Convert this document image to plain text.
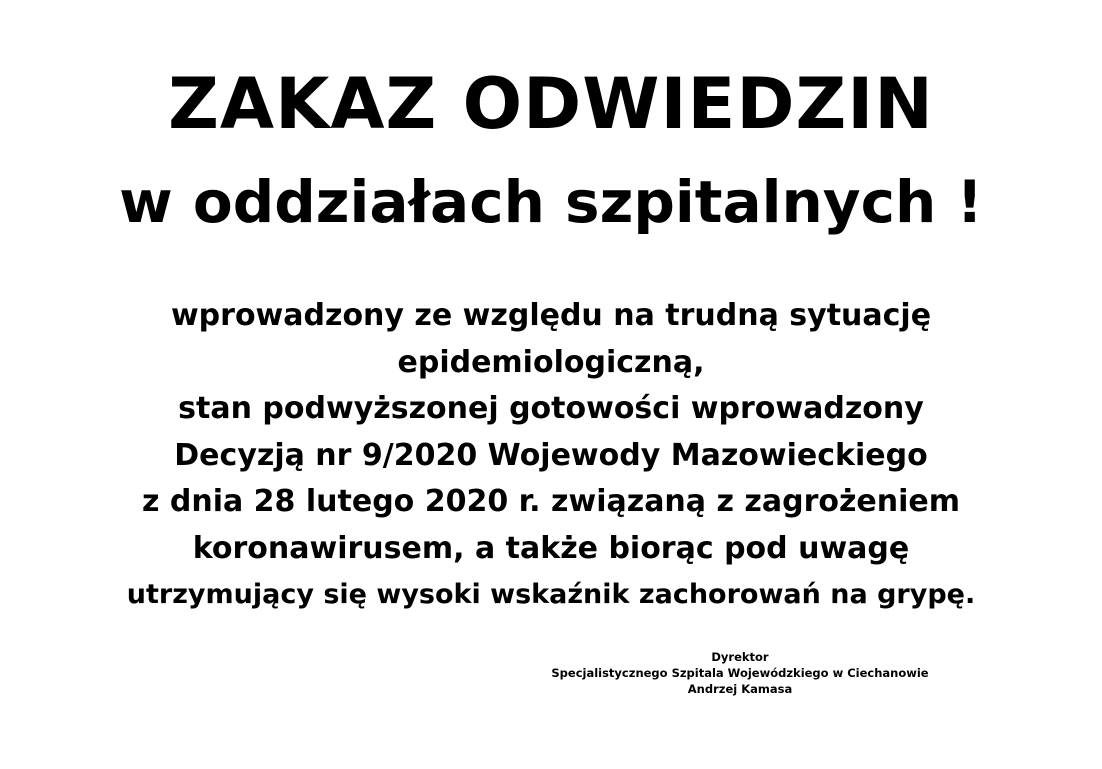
ZAKAZ ODWIEDZIN
w oddziałach szpitalnych !
wprowadzony ze względu na trudną sytuację
epidemiologiczną,
stan podwyższonej gotowości wprowadzony
Decyzją nr 9/2020 Wojewody Mazowieckiego
z dnia 28 lutego 2020 r. związaną z zagrożeniem
koronawirusem, a także biorąc pod uwagę
utrzymujący się wysoki wskaźnik zachorowań na grypę.
Dyrektor
Specjalistycznego Szpitala Wojewódzkiego w Ciechanowie
Andrzej Kamasa
